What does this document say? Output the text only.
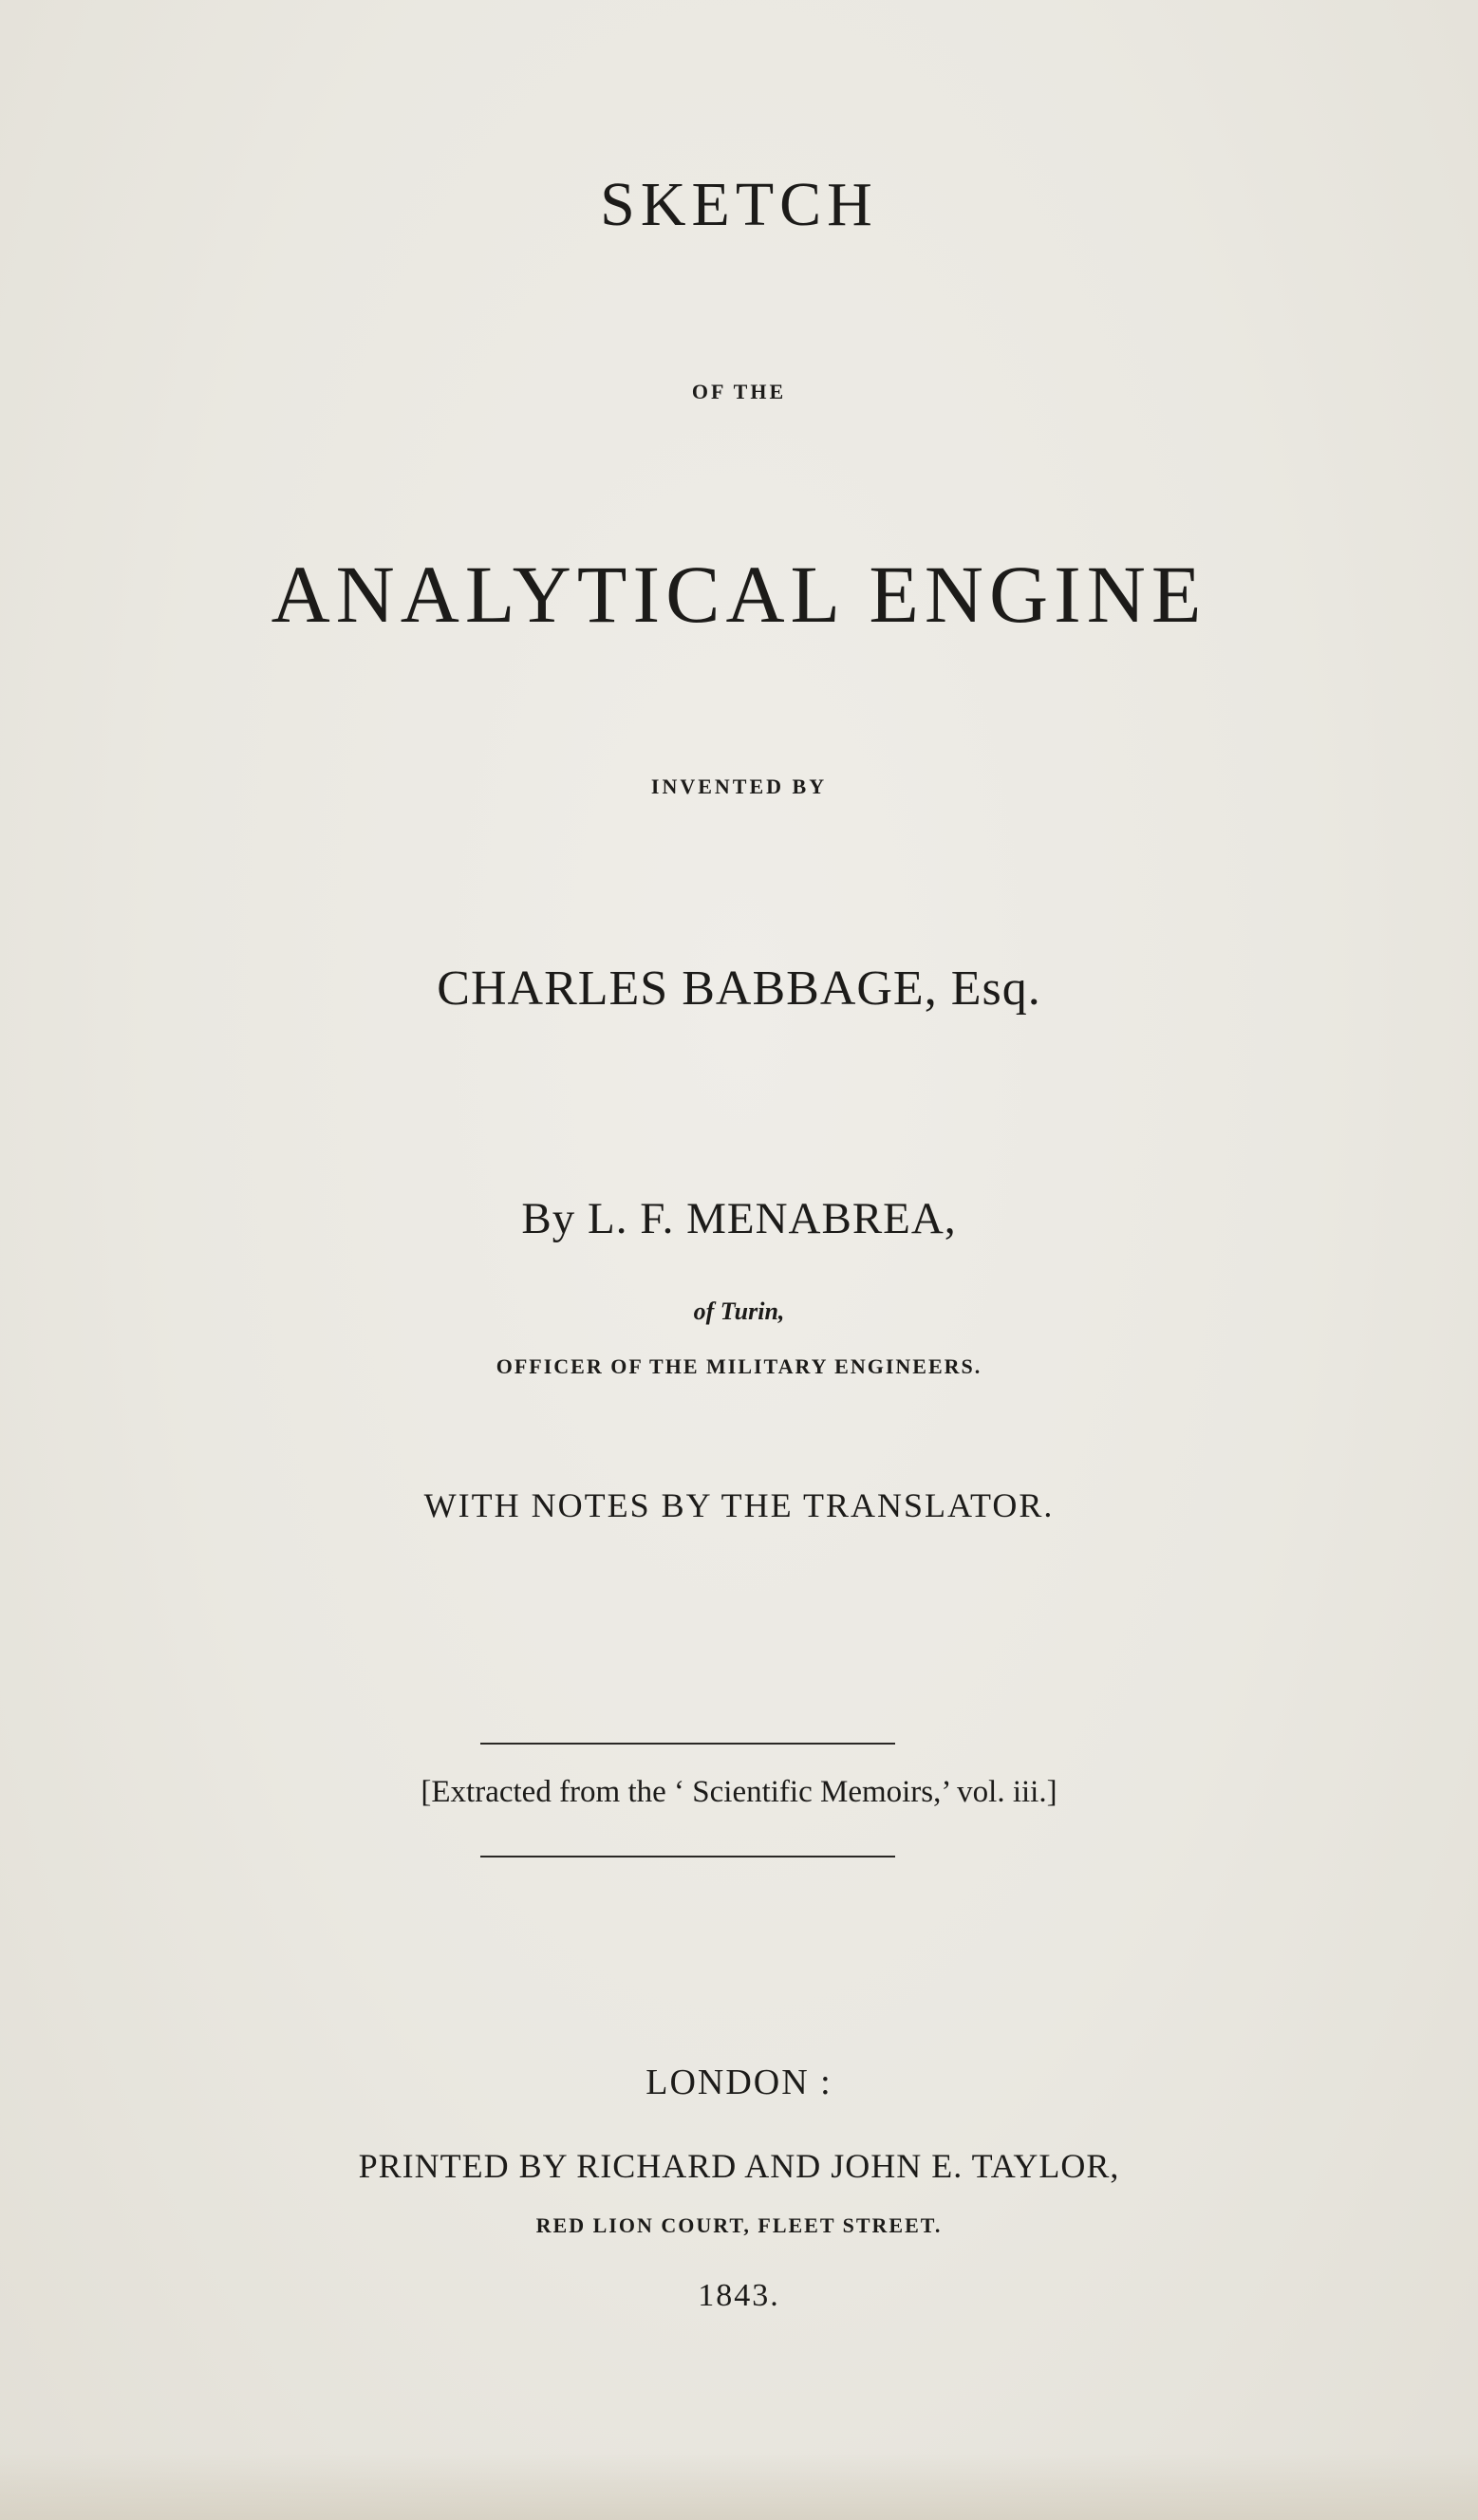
SKETCH
OF THE
ANALYTICAL ENGINE
INVENTED BY
CHARLES BABBAGE, Esq.
By L. F. MENABREA,
of Turin,
OFFICER OF THE MILITARY ENGINEERS.
WITH NOTES BY THE TRANSLATOR.
[Extracted from the ‘ Scientific Memoirs,’ vol. iii.]
LONDON :
PRINTED BY RICHARD AND JOHN E. TAYLOR,
RED LION COURT, FLEET STREET.
1843.
